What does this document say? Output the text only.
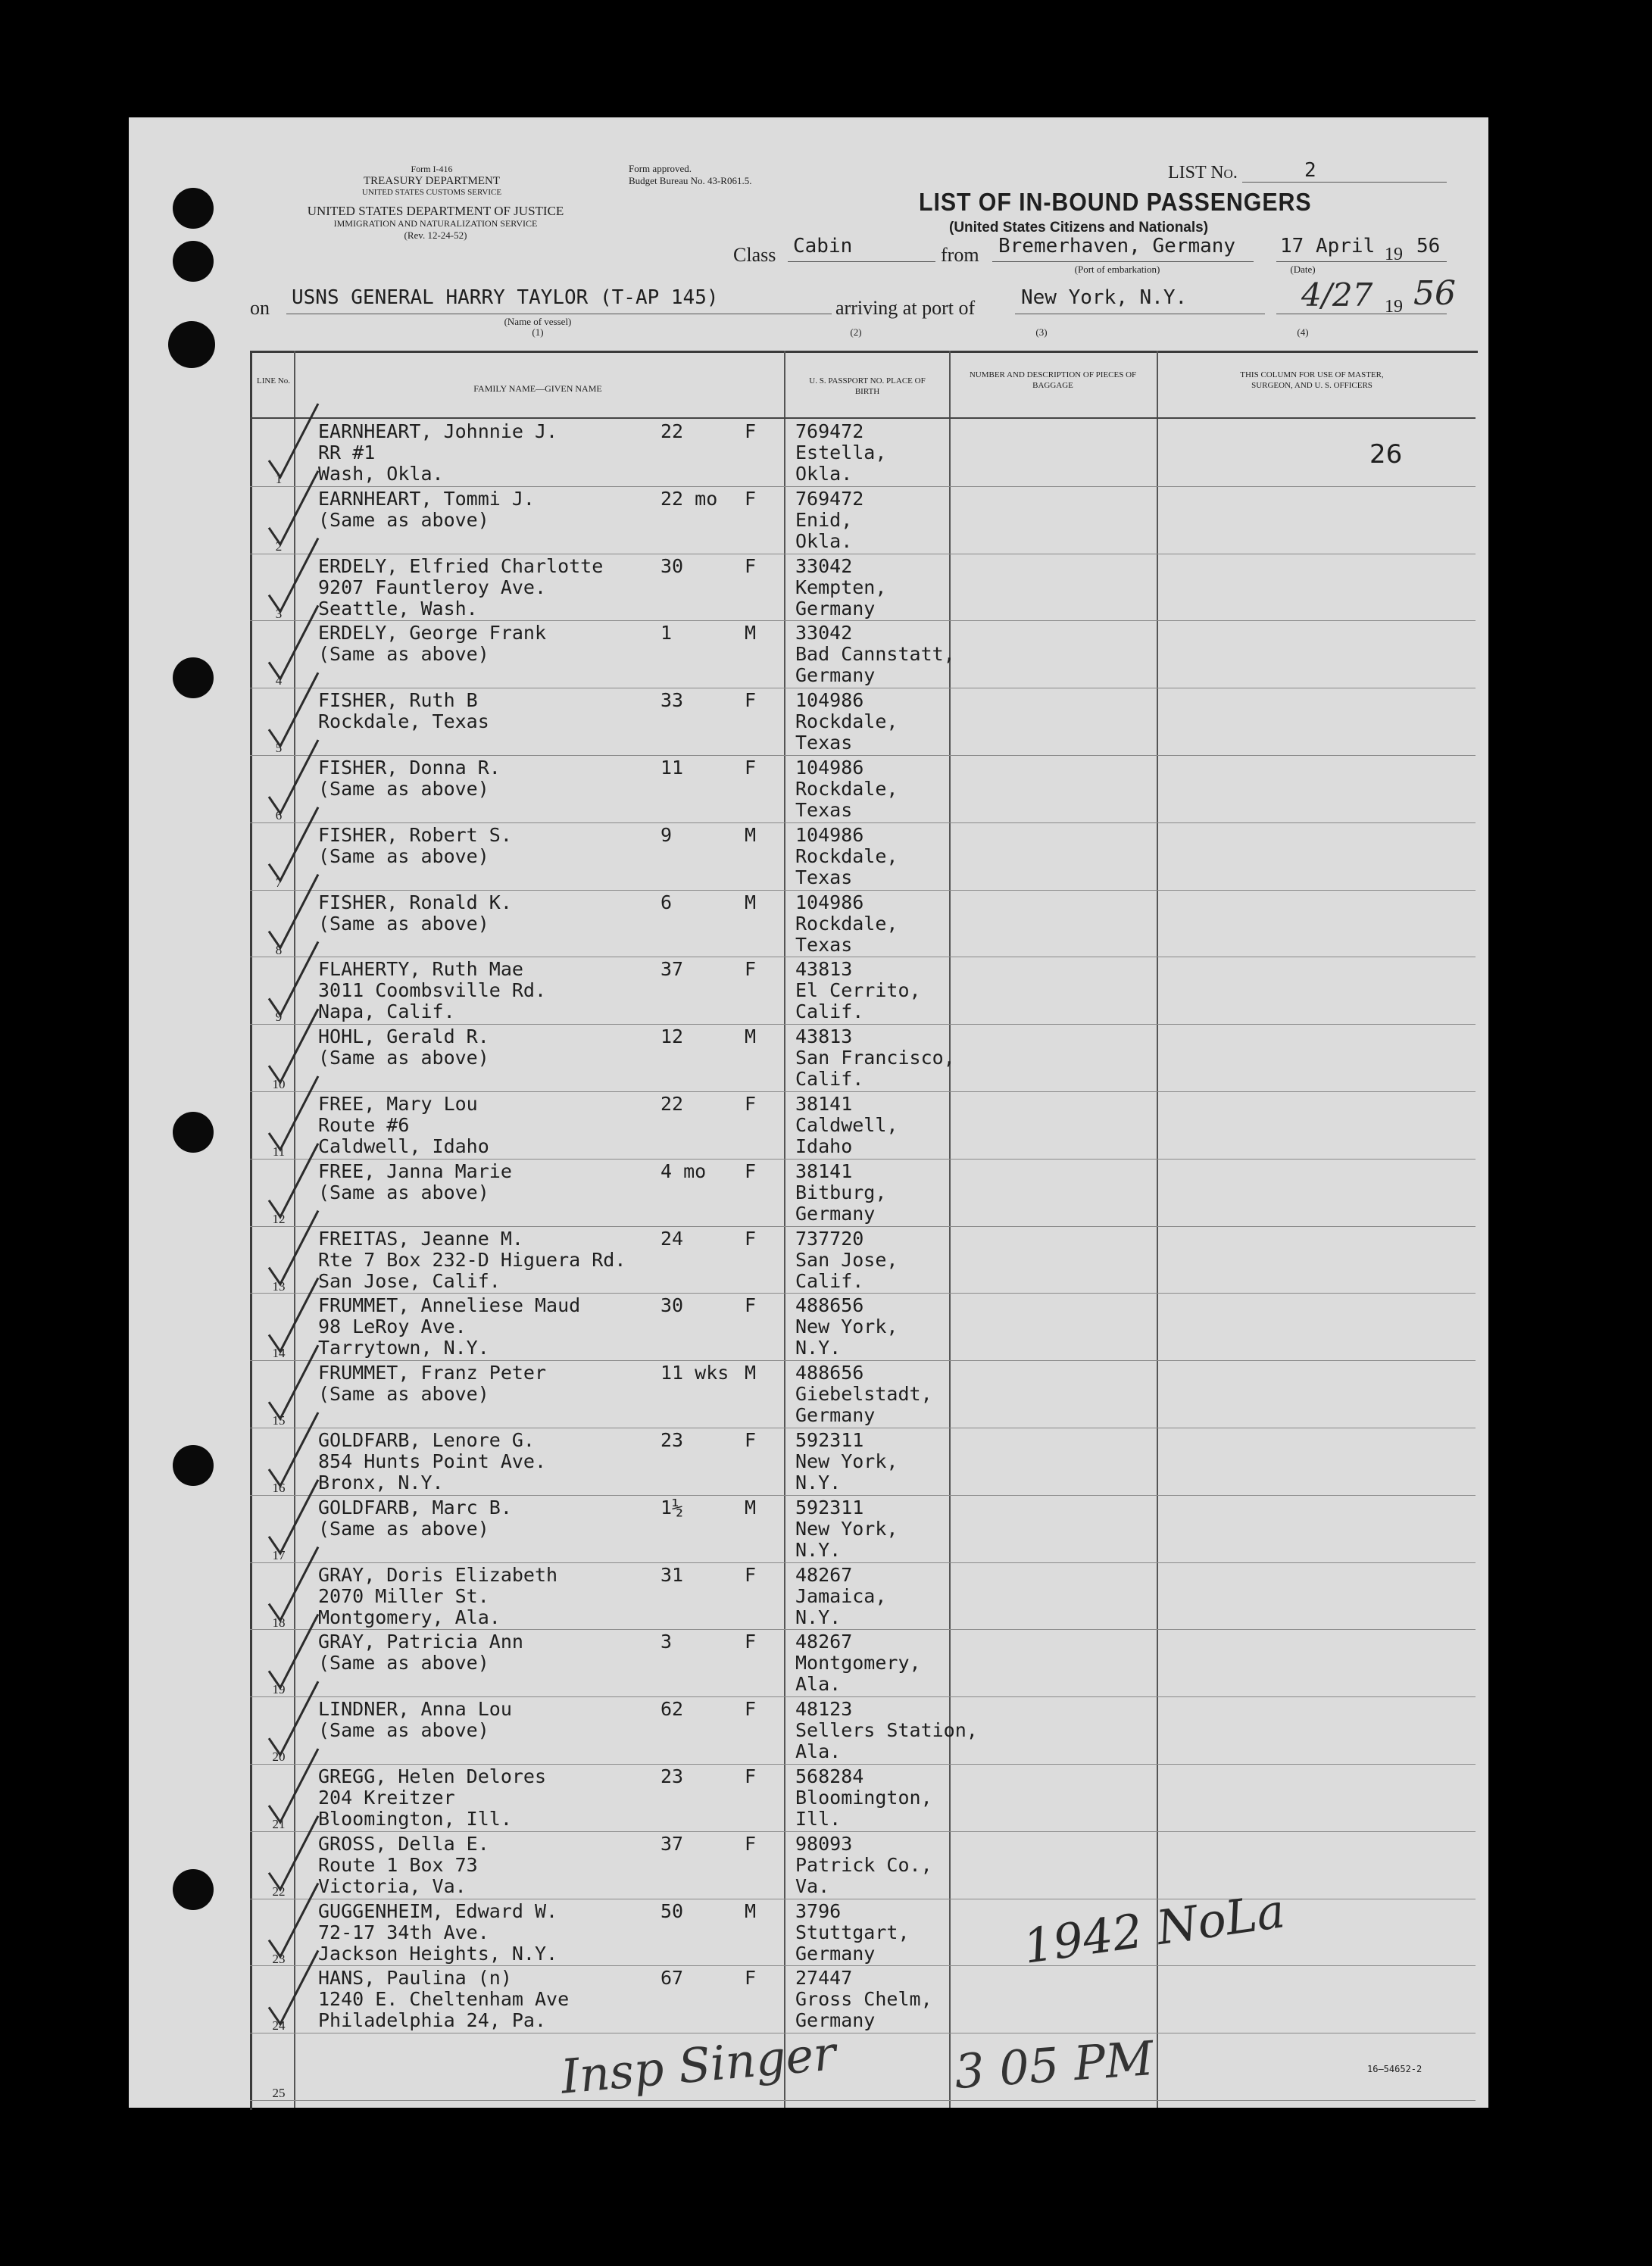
Form I-416
TREASURY DEPARTMENT
UNITED STATES CUSTOMS SERVICE
UNITED STATES DEPARTMENT OF JUSTICE
IMMIGRATION AND NATURALIZATION SERVICE
(Rev. 12-24-52)
Form approved.
Budget Bureau No. 43-R061.5.	LIST No.	2
LIST OF IN-BOUND PASSENGERS
(United States Citizens and Nationals)
Class Cabin	from Bremerhaven, Germany
(Port of embarkation)
17 April 19 56
(Date)
on USNS GENERAL HARRY TAYLOR (T-AP 145)
(Name of vessel)
(1)
arriving at port of New York, N.Y.
(2)	(3)	(4)
4/27 19 56
LINE No.
FAMILY NAME—GIVEN NAME
U. S. PASSPORT NO. PLACE OF BIRTH
NUMBER AND DESCRIPTION OF PIECES OF BAGGAGE
THIS COLUMN FOR USE OF MASTER, SURGEON, AND U. S. OFFICERS
26
1
EARNHEART, Johnnie J.
RR #1
Wash, Okla.
22	F 769472
Estella,
Okla.
2
EARNHEART, Tommi J.
(Same as above)
22 mo F 769472
Enid,
Okla.
3
ERDELY, Elfried Charlotte
9207 Fauntleroy Ave.
Seattle, Wash.
30	F 33042
Kempten,
Germany
4
ERDELY, George Frank
(Same as above)
1	M 33042
Bad Cannstatt,
Germany
5
FISHER, Ruth B
Rockdale, Texas
33	F 104986
Rockdale,
Texas
6
FISHER, Donna R.
(Same as above)
11	F 104986
Rockdale,
Texas
7
FISHER, Robert S.
(Same as above)
9	M 104986
Rockdale,
Texas
8
FISHER, Ronald K.
(Same as above)
6	M 104986
Rockdale,
Texas
9
FLAHERTY, Ruth Mae
3011 Coombsville Rd.
Napa, Calif.
37	F 43813
El Cerrito,
Calif.
10
HOHL, Gerald R.
(Same as above)
12	M 43813
San Francisco,
Calif.
11
FREE, Mary Lou
Route #6
Caldwell, Idaho
22	F 38141
Caldwell,
Idaho
12
FREE, Janna Marie
(Same as above)
4 mo F 38141
Bitburg,
Germany
13
FREITAS, Jeanne M.
Rte 7 Box 232-D Higuera Rd.
San Jose, Calif.
24	F 737720
San Jose,
Calif.
14
FRUMMET, Anneliese Maud
98 LeRoy Ave.
Tarrytown, N.Y.
30	F 488656
New York,
N.Y.
15
FRUMMET, Franz Peter
(Same as above)
11 wks M 488656
Giebelstadt,
Germany
16
GOLDFARB, Lenore G.
854 Hunts Point Ave.
Bronx, N.Y.
23	F 592311
New York,
N.Y.
17
GOLDFARB, Marc B.
(Same as above)
1½	M 592311
New York,
N.Y.
18
GRAY, Doris Elizabeth
2070 Miller St.
Montgomery, Ala.
31	F 48267
Jamaica,
N.Y.
19
GRAY, Patricia Ann
(Same as above)
3	F 48267
Montgomery,
Ala.
20
LINDNER, Anna Lou
(Same as above)
62	F 48123
Sellers Station,
Ala.
21
GREGG, Helen Delores
204 Kreitzer
Bloomington, Ill.
23	F 568284
Bloomington,
Ill.
22
GROSS, Della E.
Route 1 Box 73
Victoria, Va.
37	F 98093
Patrick Co.,
Va.
23
GUGGENHEIM, Edward W.
72-17 34th Ave.
Jackson Heights, N.Y.
50	M 3796
Stuttgart,
Germany
24
HANS, Paulina (n)
1240 E. Cheltenham Ave
Philadelphia 24, Pa.
67	F 27447
Gross Chelm,
Germany
25
1942 NoLa
Insp Singer 3 05 PM	16—54652-2
